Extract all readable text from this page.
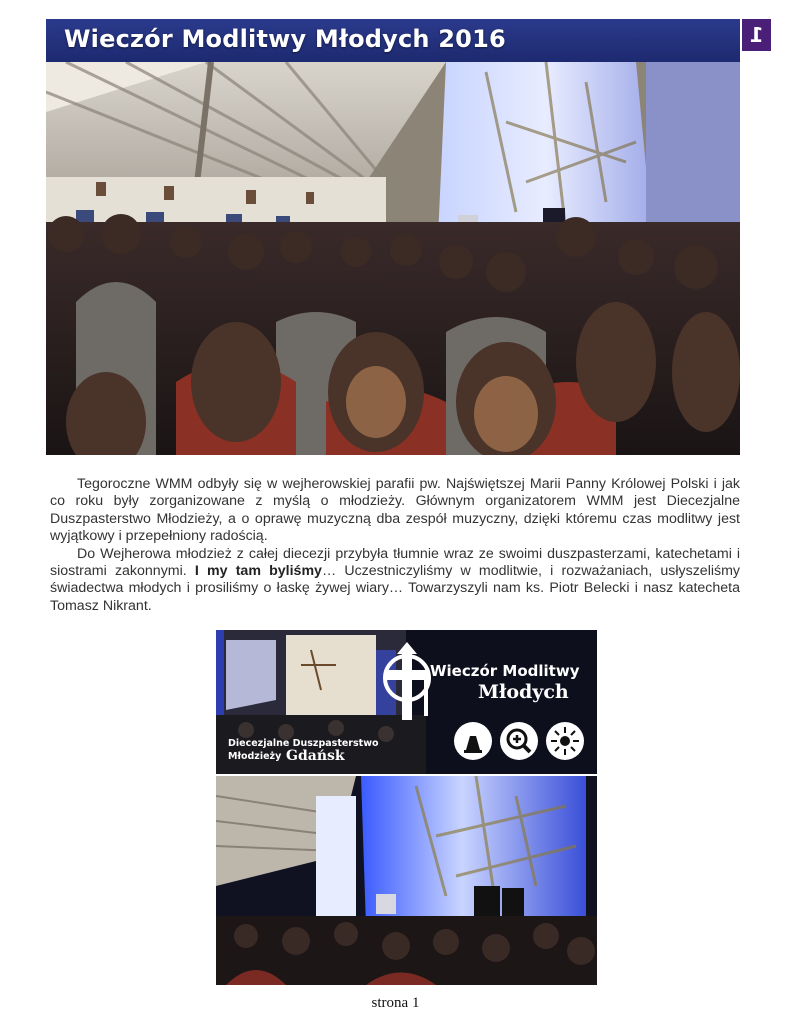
Wieczór Modlitwy Młodych 2016	1

Tegoroczne WMM odbyły się w wejherowskiej parafii pw. Najświętszej Marii Panny Królowej Polski i jak co roku były zorganizowane z myślą o młodzieży. Głównym organizatorem WMM jest Diecezjalne Duszpasterstwo Młodzieży, a o oprawę muzyczną dba zespół muzyczny, dzięki któremu czas modlitwy jest wyjątkowy i przepełniony radością.

Do Wejherowa młodzież z całej diecezji przybyła tłumnie wraz ze swoimi duszpasterzami, katechetami i siostrami zakonnymi. I my tam byliśmy… Uczestniczyliśmy w modlitwie, i rozważaniach, usłyszeliśmy świadectwa młodych i prosiliśmy o łaskę żywej wiary… Towarzyszyli nam ks. Piotr Belecki i nasz katecheta Tomasz Nikrant.

Wieczór Modlitwy
Młodych
Diecezjalne Duszpasterstwo
Młodzieży Gdańsk
strona 1
